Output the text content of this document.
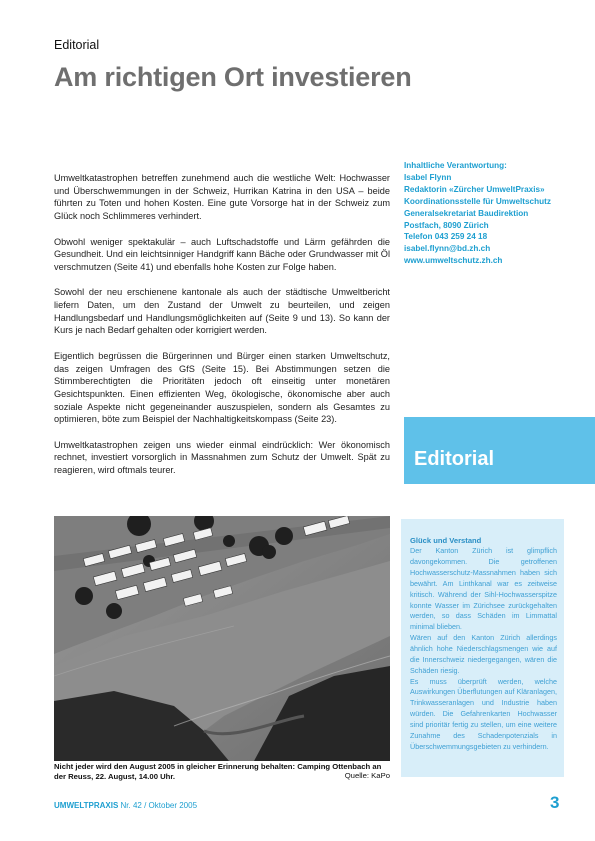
Editorial
Am richtigen Ort investieren

Umweltkatastrophen betreffen zunehmend auch die westliche Welt: Hochwasser und Überschwemmungen in der Schweiz, Hurrikan Katrina in den USA – beide führten zu Toten und hohen Kosten. Eine gute Vorsorge hat in der Schweiz zum Glück noch Schlimmeres verhindert.

Obwohl weniger spektakulär – auch Luftschadstoffe und Lärm gefährden die Gesundheit. Und ein leichtsinniger Handgriff kann Bäche oder Grundwasser mit Öl verschmutzen (Seite 41) und ebenfalls hohe Kosten zur Folge haben.

Sowohl der neu erschienene kantonale als auch der städtische Umweltbericht liefern Daten, um den Zustand der Umwelt zu beurteilen, und zeigen Handlungsbedarf und Handlungsmöglichkeiten auf (Seite 9 und 13). So kann der Kurs je nach Bedarf gehalten oder korrigiert werden.

Eigentlich begrüssen die Bürgerinnen und Bürger einen starken Umweltschutz, das zeigen Umfragen des GfS (Seite 15). Bei Abstimmungen setzen die Stimmberechtigten die Prioritäten jedoch oft einseitig unter monetären Gesichtspunkten. Einen effizienten Weg, ökologische, ökonomische aber auch soziale Aspekte nicht gegeneinander auszuspielen, sondern als Gesamtes zu optimieren, böte zum Beispiel der Nachhaltigkeitskompass (Seite 23).

Umweltkatastrophen zeigen uns wieder einmal eindrücklich: Wer ökonomisch rechnet, investiert vorsorglich in Massnahmen zum Schutz der Umwelt. Spät zu reagieren, wird oftmals teurer.

Inhaltliche Verantwortung:
Isabel Flynn
Redaktorin «Zürcher UmweltPraxis»
Koordinationsstelle für Umweltschutz
Generalsekretariat Baudirektion
Postfach, 8090 Zürich
Telefon 043 259 24 18
isabel.flynn@bd.zh.ch
www.umweltschutz.zh.ch
Editorial
Nicht jeder wird den August 2005 in gleicher Erinnerung behalten: Camping Ottenbach an der Reuss, 22. August, 14.00 Uhr.	Quelle: KaPo
Glück und Verstand

Der Kanton Zürich ist glimpflich davongekommen. Die getroffenen Hochwasserschutz-Massnahmen haben sich bewährt. Am Linthkanal war es zeitweise kritisch. Während der Sihl-Hochwasserspitze konnte Wasser im Zürichsee zurückgehalten werden, so dass Schäden im Limmattal minimal blieben.

Wären auf den Kanton Zürich allerdings ähnlich hohe Niederschlagsmengen wie auf die Innerschweiz niedergegangen, wären die Schäden riesig.

Es muss überprüft werden, welche Auswirkungen Überflutungen auf Kläranlagen, Trinkwasseranlagen und Industrie haben würden. Die Gefahrenkarten Hochwasser sind prioritär fertig zu stellen, um eine weitere Zunahme des Schadenpotenzials in Überschwemmungsgebieten zu verhindern.

UMWELTPRAXIS Nr. 42 / Oktober 2005	3
